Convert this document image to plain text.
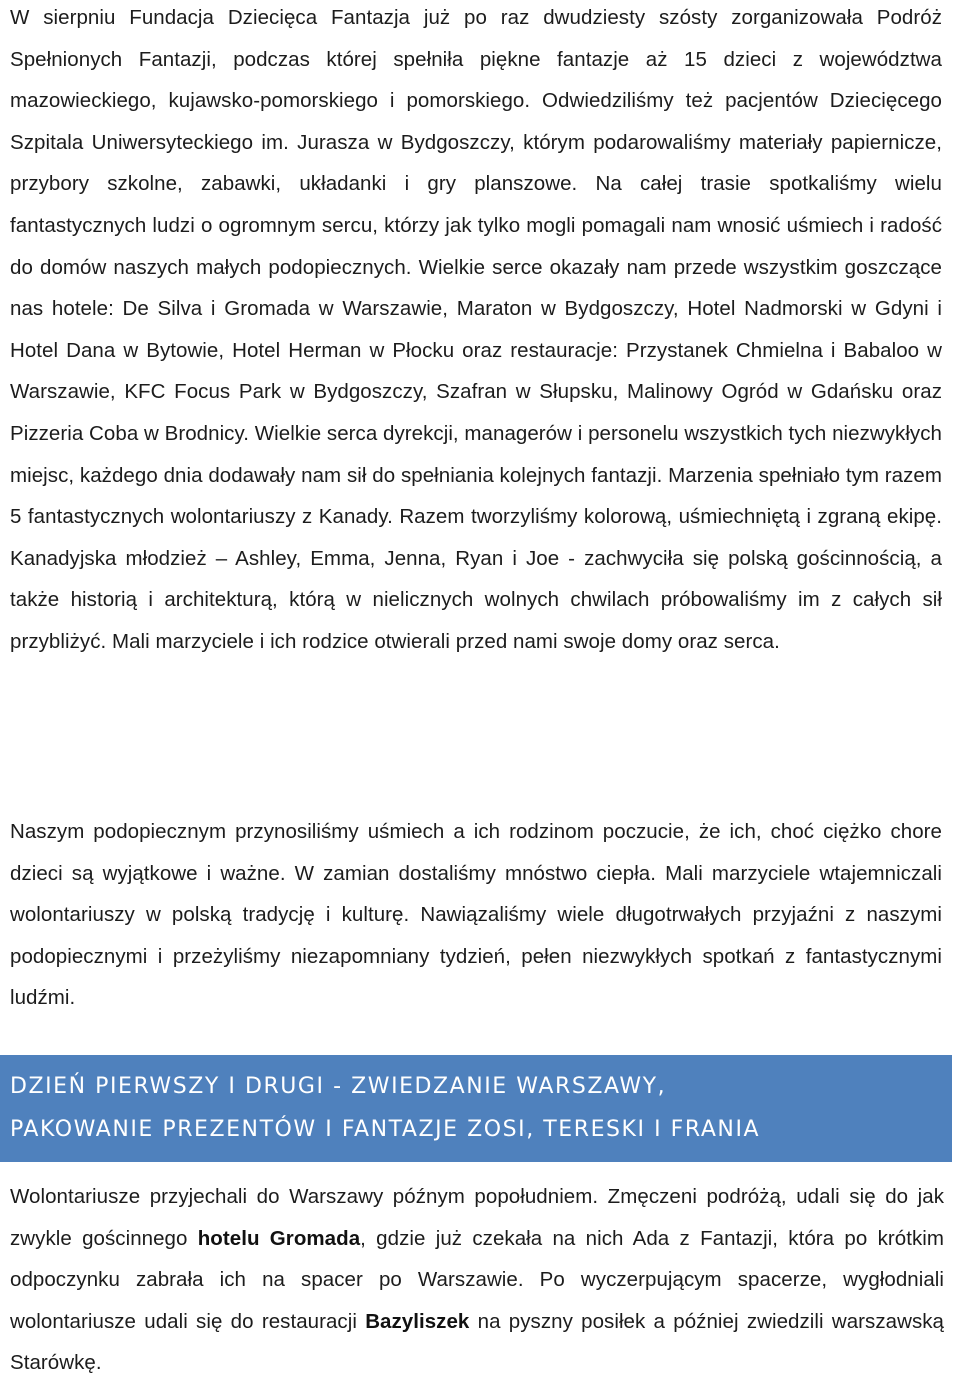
W sierpniu Fundacja Dziecięca Fantazja już po raz dwudziesty szósty zorganizowała Podróż Spełnionych Fantazji, podczas której spełniła piękne fantazje aż 15 dzieci z województwa mazowieckiego, kujawsko-pomorskiego i pomorskiego. Odwiedziliśmy też pacjentów Dziecięcego Szpitala Uniwersyteckiego im. Jurasza w Bydgoszczy, którym podarowaliśmy materiały papiernicze, przybory szkolne, zabawki, układanki i gry planszowe. Na całej trasie spotkaliśmy wielu fantastycznych ludzi o ogromnym sercu, którzy jak tylko mogli pomagali nam wnosić uśmiech i radość do domów naszych małych podopiecznych. Wielkie serce okazały nam przede wszystkim goszczące nas hotele: De Silva i Gromada w Warszawie, Maraton w Bydgoszczy, Hotel Nadmorski w Gdyni i Hotel Dana w Bytowie, Hotel Herman w Płocku oraz restauracje: Przystanek Chmielna i Babaloo w Warszawie, KFC Focus Park w Bydgoszczy, Szafran w Słupsku, Malinowy Ogród w Gdańsku oraz Pizzeria Coba w Brodnicy. Wielkie serca dyrekcji, managerów i personelu wszystkich tych niezwykłych miejsc, każdego dnia dodawały nam sił do spełniania kolejnych fantazji. Marzenia spełniało tym razem 5 fantastycznych wolontariuszy z Kanady. Razem tworzyliśmy kolorową, uśmiechniętą i zgraną ekipę. Kanadyjska młodzież – Ashley, Emma, Jenna, Ryan i Joe - zachwyciła się polską gościnnością, a także historią i architekturą, którą w nielicznych wolnych chwilach próbowaliśmy im z całych sił przybliżyć. Mali marzyciele i ich rodzice otwierali przed nami swoje domy oraz serca.

Naszym podopiecznym przynosiliśmy uśmiech a ich rodzinom poczucie, że ich, choć ciężko chore dzieci są wyjątkowe i ważne. W zamian dostaliśmy mnóstwo ciepła. Mali marzyciele wtajemniczali wolontariuszy w polską tradycję i kulturę. Nawiązaliśmy wiele długotrwałych przyjaźni z naszymi podopiecznymi i przeżyliśmy niezapomniany tydzień, pełen niezwykłych spotkań z fantastycznymi ludźmi.

DZIEŃ PIERWSZY I DRUGI - ZWIEDZANIE WARSZAWY,
PAKOWANIE PREZENTÓW I FANTAZJE ZOSI, TERESKI I FRANIA

Wolontariusze przyjechali do Warszawy późnym popołudniem. Zmęczeni podróżą, udali się do jak zwykle gościnnego hotelu Gromada, gdzie już czekała na nich Ada z Fantazji, która po krótkim odpoczynku zabrała ich na spacer po Warszawie. Po wyczerpującym spacerze, wygłodniali wolontariusze udali się do restauracji Bazyliszek na pyszny posiłek a później zwiedzili warszawską Starówkę.
